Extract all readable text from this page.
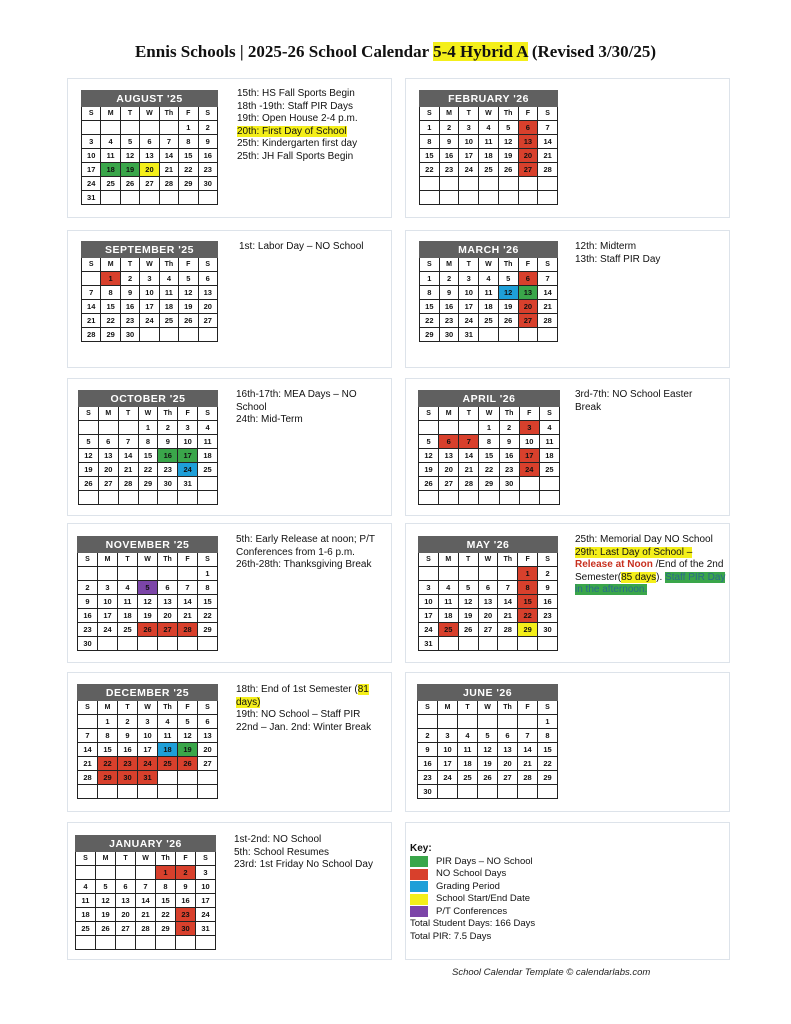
Ennis Schools | 2025-26 School Calendar 5-4 Hybrid A (Revised 3/30/25)
AUGUST '25						
S	M	T	W	Th	F	S
					1	2
3	4	5	6	7	8	9
10	11	12	13	14	15	16
17	18	19	20	21	22	23
24	25	26	27	28	29	30
31						
15th: HS Fall Sports Begin
18th -19th: Staff PIR Days
19th: Open House 2-4 p.m.
20th: First Day of School
25th: Kindergarten first day
25th: JH Fall Sports Begin
FEBRUARY '26						
S	M	T	W	Th	F	S
1	2	3	4	5	6	7
8	9	10	11	12	13	14
15	16	17	18	19	20	21
22	23	24	25	26	27	28

SEPTEMBER '25						
S	M	T	W	Th	F	S
	1	2	3	4	5	6
7	8	9	10	11	12	13
14	15	16	17	18	19	20
21	22	23	24	25	26	27
28	29	30				
1st: Labor Day – NO School	MARCH '26						
S	M	T	W	Th	F	S
1	2	3	4	5	6	7
8	9	10	11	12	13	14
15	16	17	18	19	20	21
22	23	24	25	26	27	28
29	30	31				
12th: Midterm
13th: Staff PIR Day
OCTOBER '25						
S	M	T	W	Th	F	S
			1	2	3	4
5	6	7	8	9	10	11
12	13	14	15	16	17	18
19	20	21	22	23	24	25
26	27	28	29	30	31	

16th-17th: MEA Days – NO School
24th: Mid-Term
APRIL '26						
S	M	T	W	Th	F	S
			1	2	3	4
5	6	7	8	9	10	11
12	13	14	15	16	17	18
19	20	21	22	23	24	25
26	27	28	29	30		

3rd-7th: NO School Easter Break
NOVEMBER '25						
S	M	T	W	Th	F	S
						1
2	3	4	5	6	7	8
9	10	11	12	13	14	15
16	17	18	19	20	21	22
23	24	25	26	27	28	29
30						
5th: Early Release at noon; P/T Conferences from 1-6 p.m.
26th-28th: Thanksgiving Break
MAY '26						
S	M	T	W	Th	F	S
					1	2
3	4	5	6	7	8	9
10	11	12	13	14	15	16
17	18	19	20	21	22	23
24	25	26	27	28	29	30
31						
25th: Memorial Day NO School
29th: Last Day of School –
Release at Noon /End of the 2nd Semester(85 days). Staff PIR Day in the afternoon.
DECEMBER '25						
S	M	T	W	Th	F	S
	1	2	3	4	5	6
7	8	9	10	11	12	13
14	15	16	17	18	19	20
21	22	23	24	25	26	27
28	29	30	31			

18th: End of 1st Semester (81 days)
19th: NO School – Staff PIR
22nd – Jan. 2nd: Winter Break
JUNE '26						
S	M	T	W	Th	F	S
						1
2	3	4	5	6	7	8
9	10	11	12	13	14	15
16	17	18	19	20	21	22
23	24	25	26	27	28	29
30						
JANUARY '26						
S	M	T	W	Th	F	S
				1	2	3
4	5	6	7	8	9	10
11	12	13	14	15	16	17
18	19	20	21	22	23	24
25	26	27	28	29	30	31

1st-2nd: NO School
5th: School Resumes
23rd: 1st Friday No School Day
Key:
PIR Days – NO School
NO School Days
Grading Period
School Start/End Date
P/T Conferences
Total Student Days: 166 Days
Total PIR: 7.5 Days
School Calendar Template © calendarlabs.com
